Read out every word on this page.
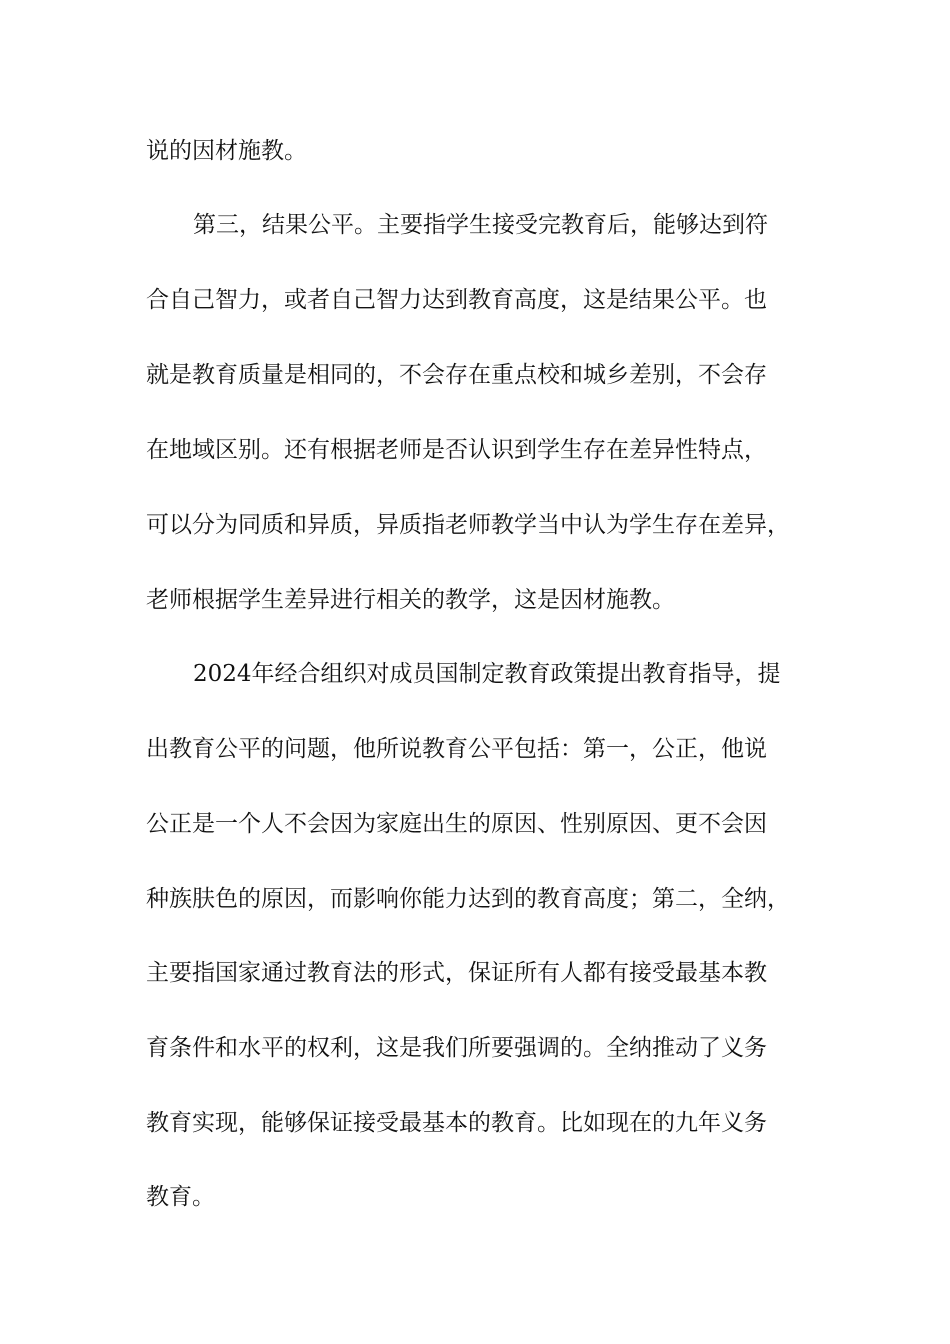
说的因材施教。
第三，结果公平。主要指学生接受完教育后，能够达到符
合自己智力，或者自己智力达到教育高度，这是结果公平。也
就是教育质量是相同的，不会存在重点校和城乡差别，不会存
在地域区别。还有根据老师是否认识到学生存在差异性特点，
可以分为同质和异质，异质指老师教学当中认为学生存在差异，
老师根据学生差异进行相关的教学，这是因材施教。
2024年经合组织对成员国制定教育政策提出教育指导，提
出教育公平的问题，他所说教育公平包括：第一，公正，他说
公正是一个人不会因为家庭出生的原因、性别原因、更不会因
种族肤色的原因，而影响你能力达到的教育高度；第二，全纳，
主要指国家通过教育法的形式，保证所有人都有接受最基本教
育条件和水平的权利，这是我们所要强调的。全纳推动了义务
教育实现，能够保证接受最基本的教育。比如现在的九年义务
教育。
